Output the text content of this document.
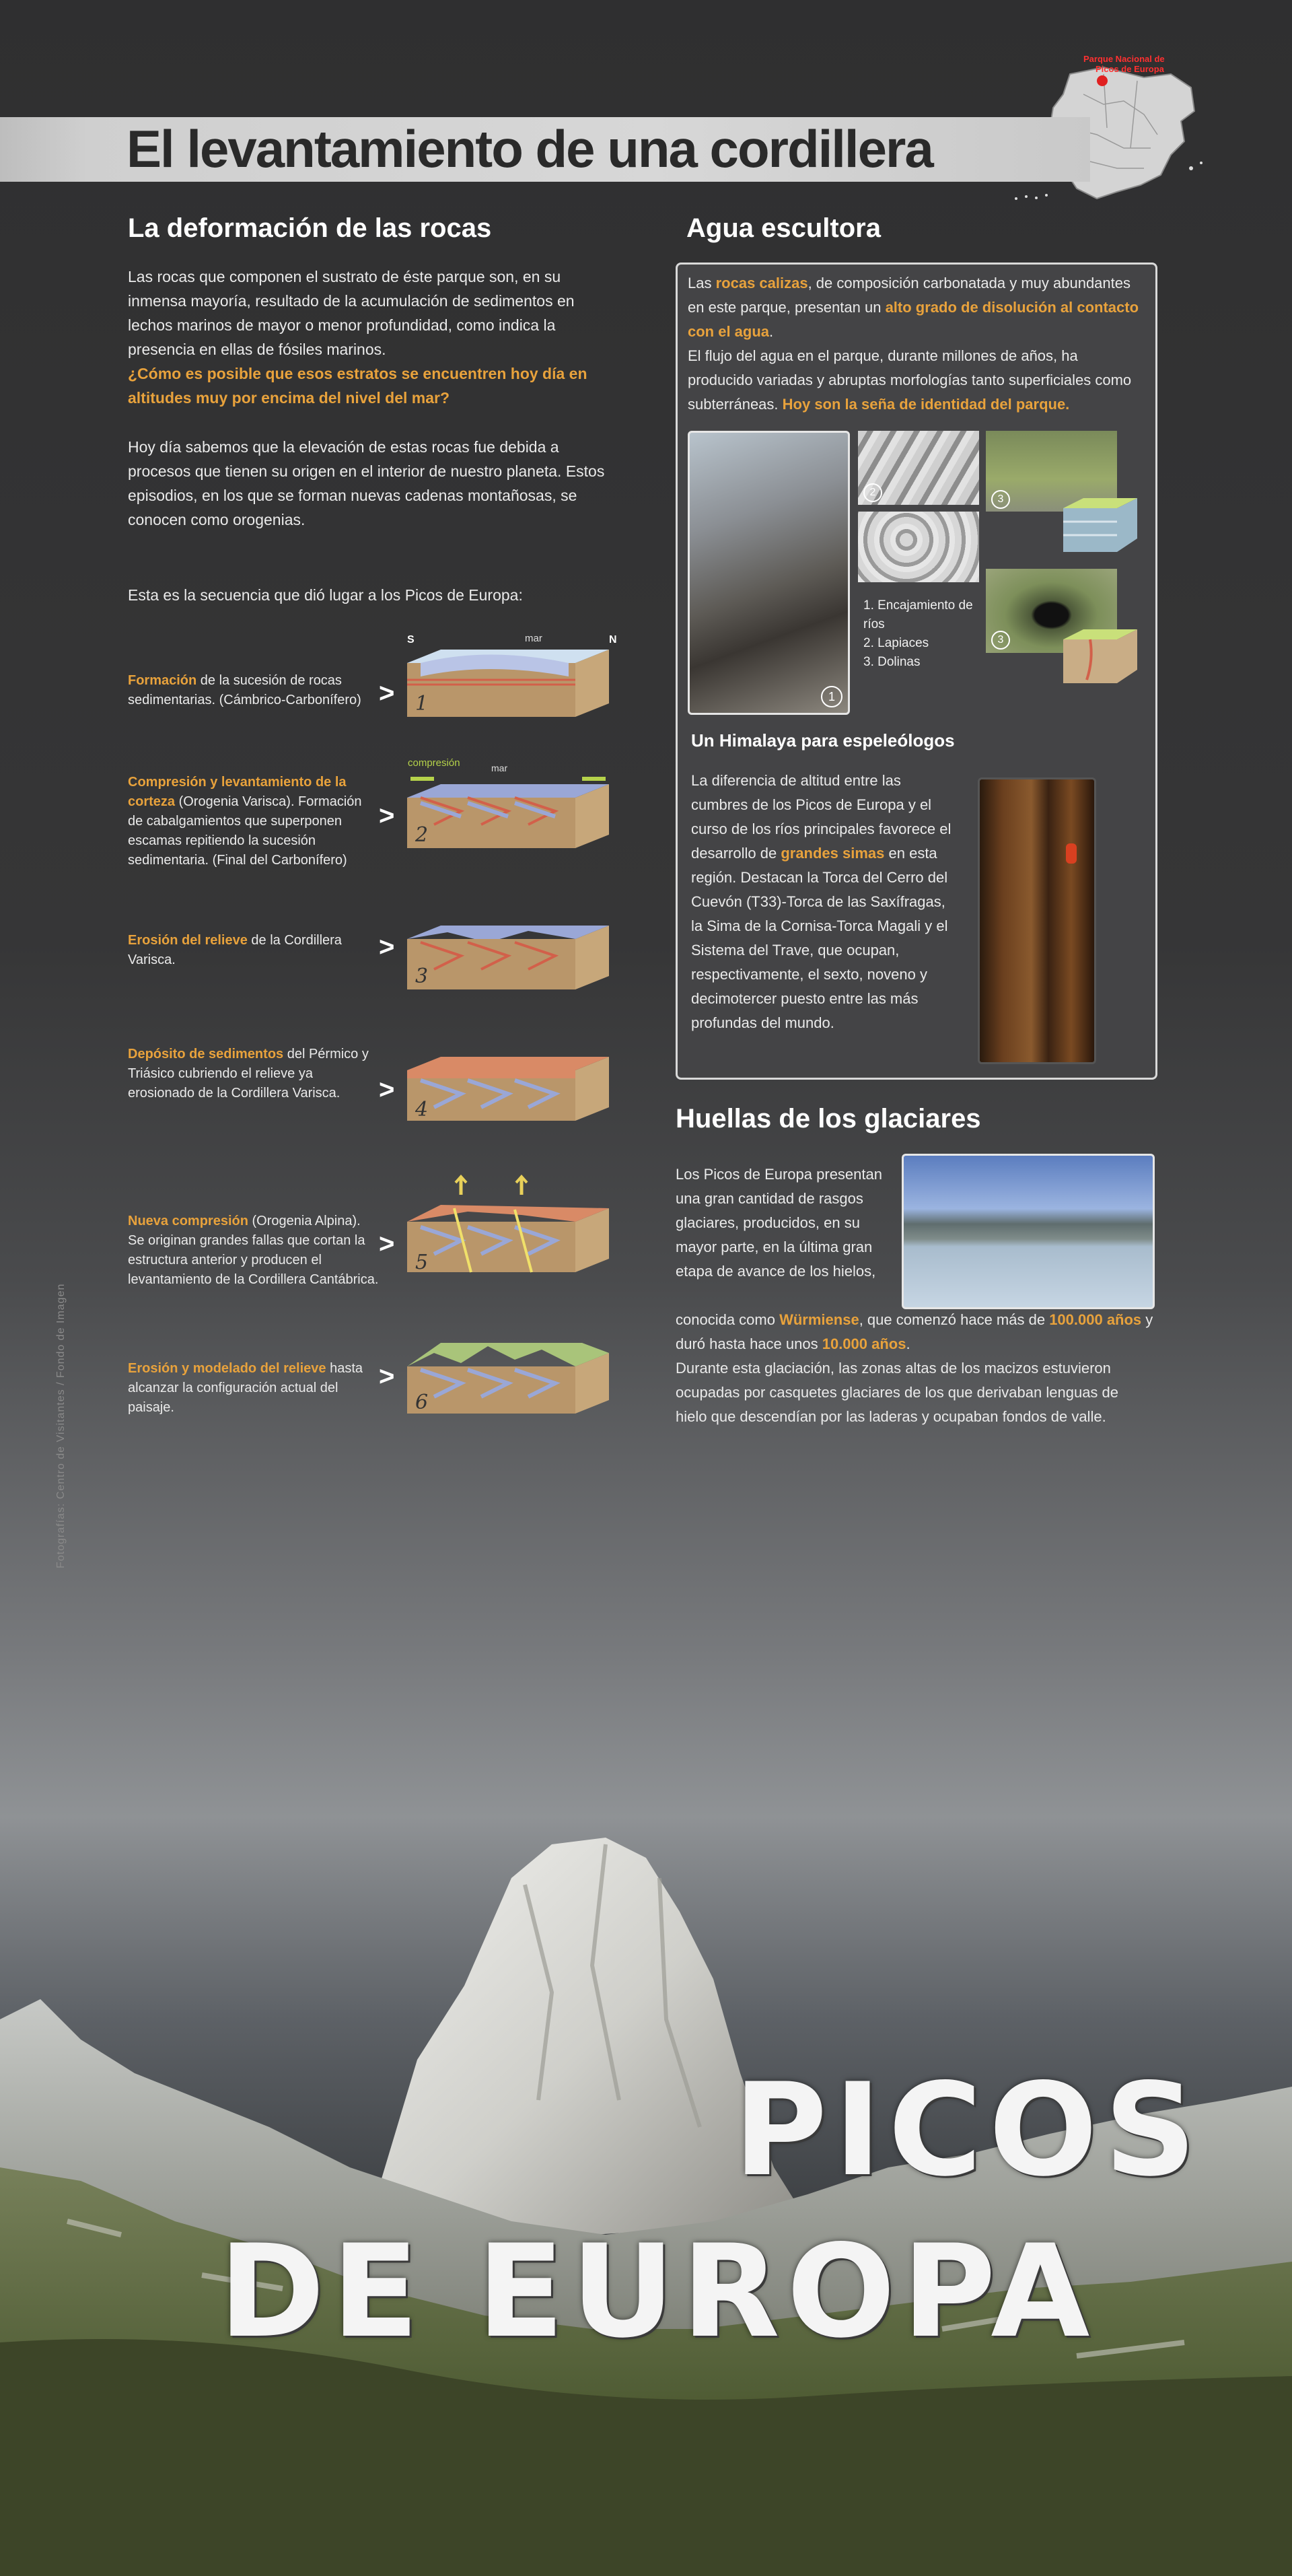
Parque Nacional de
Picos de Europa
El levantamiento de una cordillera
La deformación de las rocas
Las rocas que componen el sustrato de éste parque son, en su inmensa mayoría, resultado de la acumulación de sedimentos en lechos marinos de mayor o menor profundidad, como indica la presencia en ellas de fósiles marinos.
¿Cómo es posible que esos estratos se encuentren hoy día en altitudes muy por encima del nivel del mar?
Hoy día sabemos que la elevación de estas rocas fue debida a procesos que tienen su origen en el interior de nuestro planeta. Estos episodios, en los que se forman nuevas cadenas montañosas, se conocen como orogenias.
Esta es la secuencia que dió lugar a los Picos de Europa:
Formación de la sucesión de rocas sedimentarias. (Cámbrico-Carbonífero)
Compresión y levantamiento de la corteza (Orogenia Varisca). Formación de cabalgamientos que superponen escamas repitiendo la sucesión sedimentaria. (Final del Carbonífero)
Erosión del relieve de la Cordillera Varisca.
Depósito de sedimentos del Pérmico y Triásico cubriendo el relieve ya erosionado de la Cordillera Varisca.
Nueva compresión (Orogenia Alpina). Se originan grandes fallas que cortan la estructura anterior y producen el levantamiento de la Cordillera Cantábrica.
Erosión y modelado del relieve hasta alcanzar la configuración actual del paisaje.
>
>
>
>
>
>
S	N
mar
compresión	mar
1
2
3
4
5
6
Agua escultora
Las rocas calizas, de composición carbonatada y muy abundantes en este parque, presentan un alto grado de disolución al contacto con el agua.
El flujo del agua en el parque, durante millones de años, ha producido variadas y abruptas morfologías tanto superficiales como subterráneas. Hoy son la seña de identidad del parque.
1
2
3
3
1. Encajamiento de ríos
2. Lapiaces
3. Dolinas
Un Himalaya para espeleólogos
La diferencia de altitud entre las cumbres de los Picos de Europa y el curso de los ríos principales favorece el desarrollo de grandes simas en esta región. Destacan la Torca del Cerro del Cuevón (T33)-Torca de las Saxífragas, la Sima de la Cornisa-Torca Magali y el Sistema del Trave, que ocupan, respectivamente, el sexto, noveno y decimotercer puesto entre las más profundas del mundo.
Huellas de los glaciares
Los Picos de Europa presentan una gran cantidad de rasgos glaciares, producidos, en su mayor parte, en la última gran etapa de avance de los hielos,
conocida como Würmiense, que comenzó hace más de 100.000 años y duró hasta hace unos 10.000 años.
Durante esta glaciación, las zonas altas de los macizos estuvieron ocupadas por casquetes glaciares de los que derivaban lenguas de hielo que descendían por las laderas y ocupaban fondos de valle.
Fotografías: Centro de Visitantes / Fondo de Imagen
PICOS
DE EUROPA
